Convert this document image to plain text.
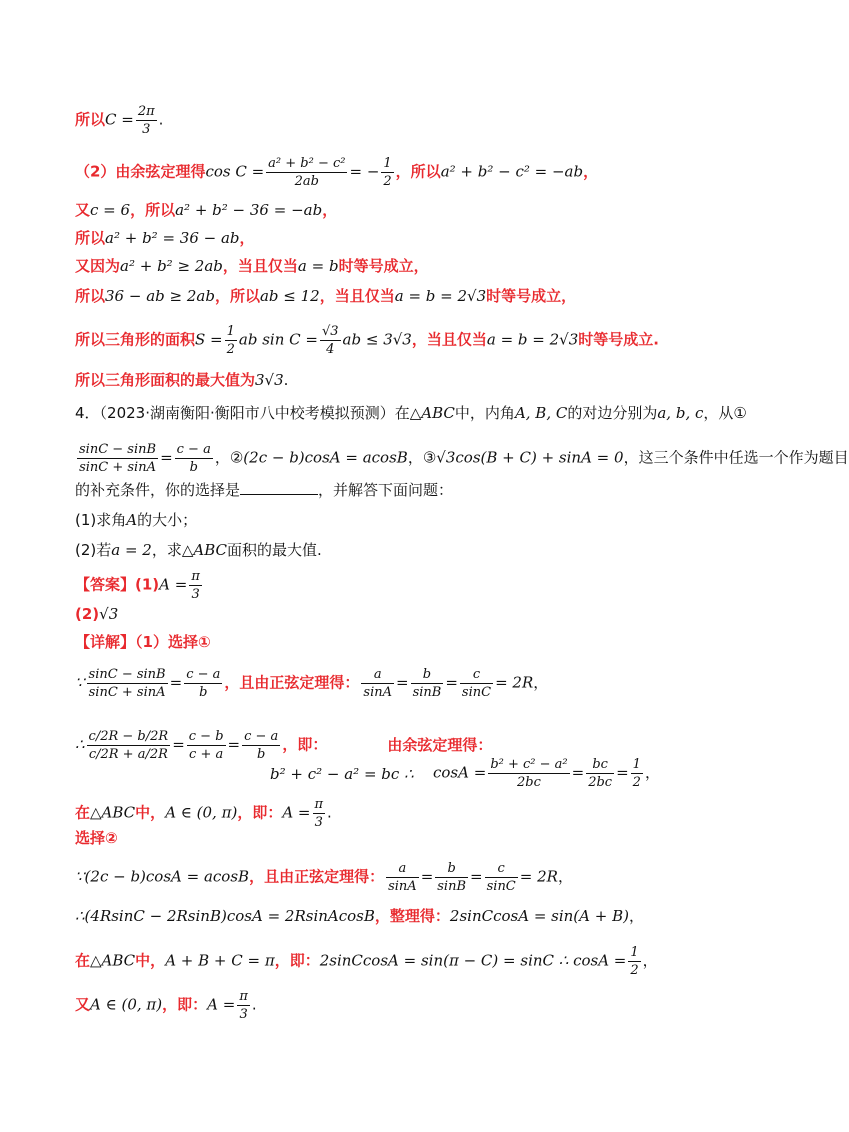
所以$C = \frac{2\pi}{3}$ .
（2）由余弦定理得$\cos C = \frac{\text{a² + b² − c²}}{2ab}$ = − $\frac{1}{2}$ ，所以a² + b² − c² = −ab，
又c = 6，所以a² + b² − 36 = −ab，
所以a² + b² = 36 − ab，
又因为a² + b² ≥ 2ab，当且仅当a = b时等号成立，
所以36 − ab ≥ 2ab，所以ab ≤ 12，当且仅当a = b = 2√3时等号成立，
所以三角形的面积$S = \frac{1}{2}$ ab $\sin C = \frac{√3}{4}$ ab ≤ 3√3，当且仅当a = b = 2√3时等号成立.
所以三角形面积的最大值为3√3.
4．（2023·湖南衡阳·衡阳市八中校考模拟预测）在△ABC中，内角A, B, C的对边分别为a, b, c，从①
$\frac{\sin C - \sin B}{\sin C + \sin A} = \frac{c - a}{b}$ ，②(2c − b)cosA = acosB，③√3cos(B + C) + sinA = 0，这三个条件中任选一个作为题目
的补充条件，你的选择是	，并解答下面问题：
(1)求角A的大小；
(2)若a = 2，求△ABC面积的最大值.
【答案】$(1)A = \frac{\pi}{3}$
(2)√3
【详解】（1）选择①
∵ $\frac{\sin C - \sin B}{\sin C + \sin A} = \frac{c - a}{b}$ ，且由正弦定理得： $\frac{a}{\sin A} = \frac{b}{\sin B} = \frac{c}{\sin C} = 2R$，
∴ $\frac{c/2R - b/2R}{c/2R + a/2R} = \frac{c - b}{c + a} = \frac{c - a}{b}$ ，即：	由余弦定理得：
$\cos A = \frac{\text{b² + c² − a²}}{2bc} = \frac{bc}{2bc} = \frac{1}{2}$ ，
b² + c² − a² = bc ∴
在△ABC中，A ∈ (0, π)，即：$A = \frac{\pi}{3}$ .
选择②
∵(2c − b)cosA = acosB，且由正弦定理得： $\frac{a}{\sin A} = \frac{b}{\sin B} = \frac{c}{\sin C} = 2R$，
∴(4RsinC − 2RsinB)cosA = 2RsinAcosB，整理得：2sinCcosA = sin(A + B)，
在△ABC中，A + B + C = π，即：2sinCcosA = sin(π − C) = sinC ∴ $\cos A = \frac{1}{2}$ ，
又A ∈ (0, π)，即：$A = \frac{\pi}{3}$ .
